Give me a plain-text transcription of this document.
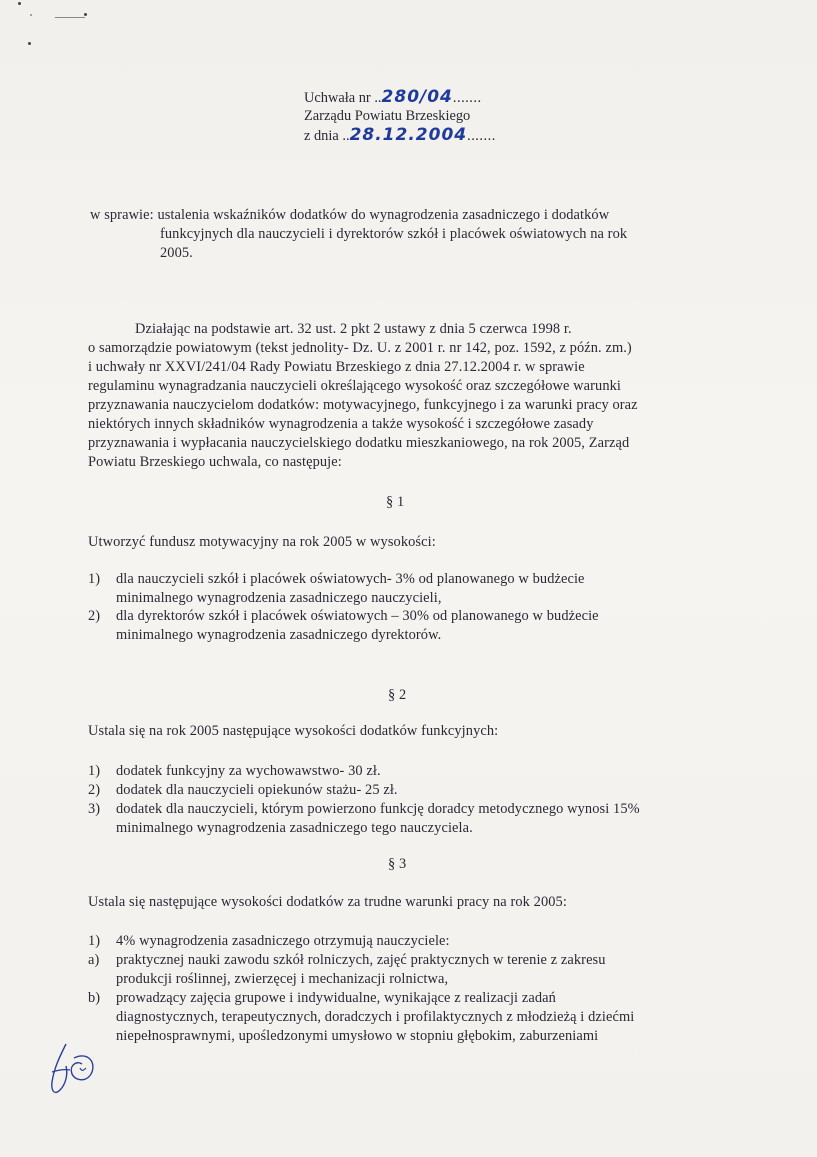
Uchwała nr ..280/04.......
Zarządu Powiatu Brzeskiego
z dnia ..28.12.2004.......
w sprawie: ustalenia wskaźników dodatków do wynagrodzenia zasadniczego i dodatków
funkcyjnych dla nauczycieli i dyrektorów szkół i placówek oświatowych na rok
2005.
Działając na podstawie art. 32 ust. 2 pkt 2 ustawy z dnia 5 czerwca 1998 r.
o samorządzie powiatowym (tekst jednolity- Dz. U. z 2001 r. nr 142, poz. 1592, z późn. zm.)
i uchwały nr XXVI/241/04 Rady Powiatu Brzeskiego z dnia 27.12.2004 r. w sprawie
regulaminu wynagradzania nauczycieli określającego wysokość oraz szczegółowe warunki
przyznawania nauczycielom dodatków: motywacyjnego, funkcyjnego i za warunki pracy oraz
niektórych innych składników wynagrodzenia a także wysokość i szczegółowe zasady
przyznawania i wypłacania nauczycielskiego dodatku mieszkaniowego, na rok 2005, Zarząd
Powiatu Brzeskiego uchwala, co następuje:
§ 1
Utworzyć fundusz motywacyjny na rok 2005 w wysokości:
1) dla nauczycieli szkół i placówek oświatowych- 3% od planowanego w budżecie
minimalnego wynagrodzenia zasadniczego nauczycieli,
2) dla dyrektorów szkół i placówek oświatowych – 30% od planowanego w budżecie
minimalnego wynagrodzenia zasadniczego dyrektorów.
§ 2
Ustala się na rok 2005 następujące wysokości dodatków funkcyjnych:
1) dodatek funkcyjny za wychowawstwo- 30 zł.
2) dodatek dla nauczycieli opiekunów stażu- 25 zł.
3) dodatek dla nauczycieli, którym powierzono funkcję doradcy metodycznego wynosi 15%
minimalnego wynagrodzenia zasadniczego tego nauczyciela.
§ 3
Ustala się następujące wysokości dodatków za trudne warunki pracy na rok 2005:
1) 4% wynagrodzenia zasadniczego otrzymują nauczyciele:
a) praktycznej nauki zawodu szkół rolniczych, zajęć praktycznych w terenie z zakresu
produkcji roślinnej, zwierzęcej i mechanizacji rolnictwa,
b) prowadzący zajęcia grupowe i indywidualne, wynikające z realizacji zadań
diagnostycznych, terapeutycznych, doradczych i profilaktycznych z młodzieżą i dziećmi
niepełnosprawnymi, upośledzonymi umysłowo w stopniu głębokim, zaburzeniami
